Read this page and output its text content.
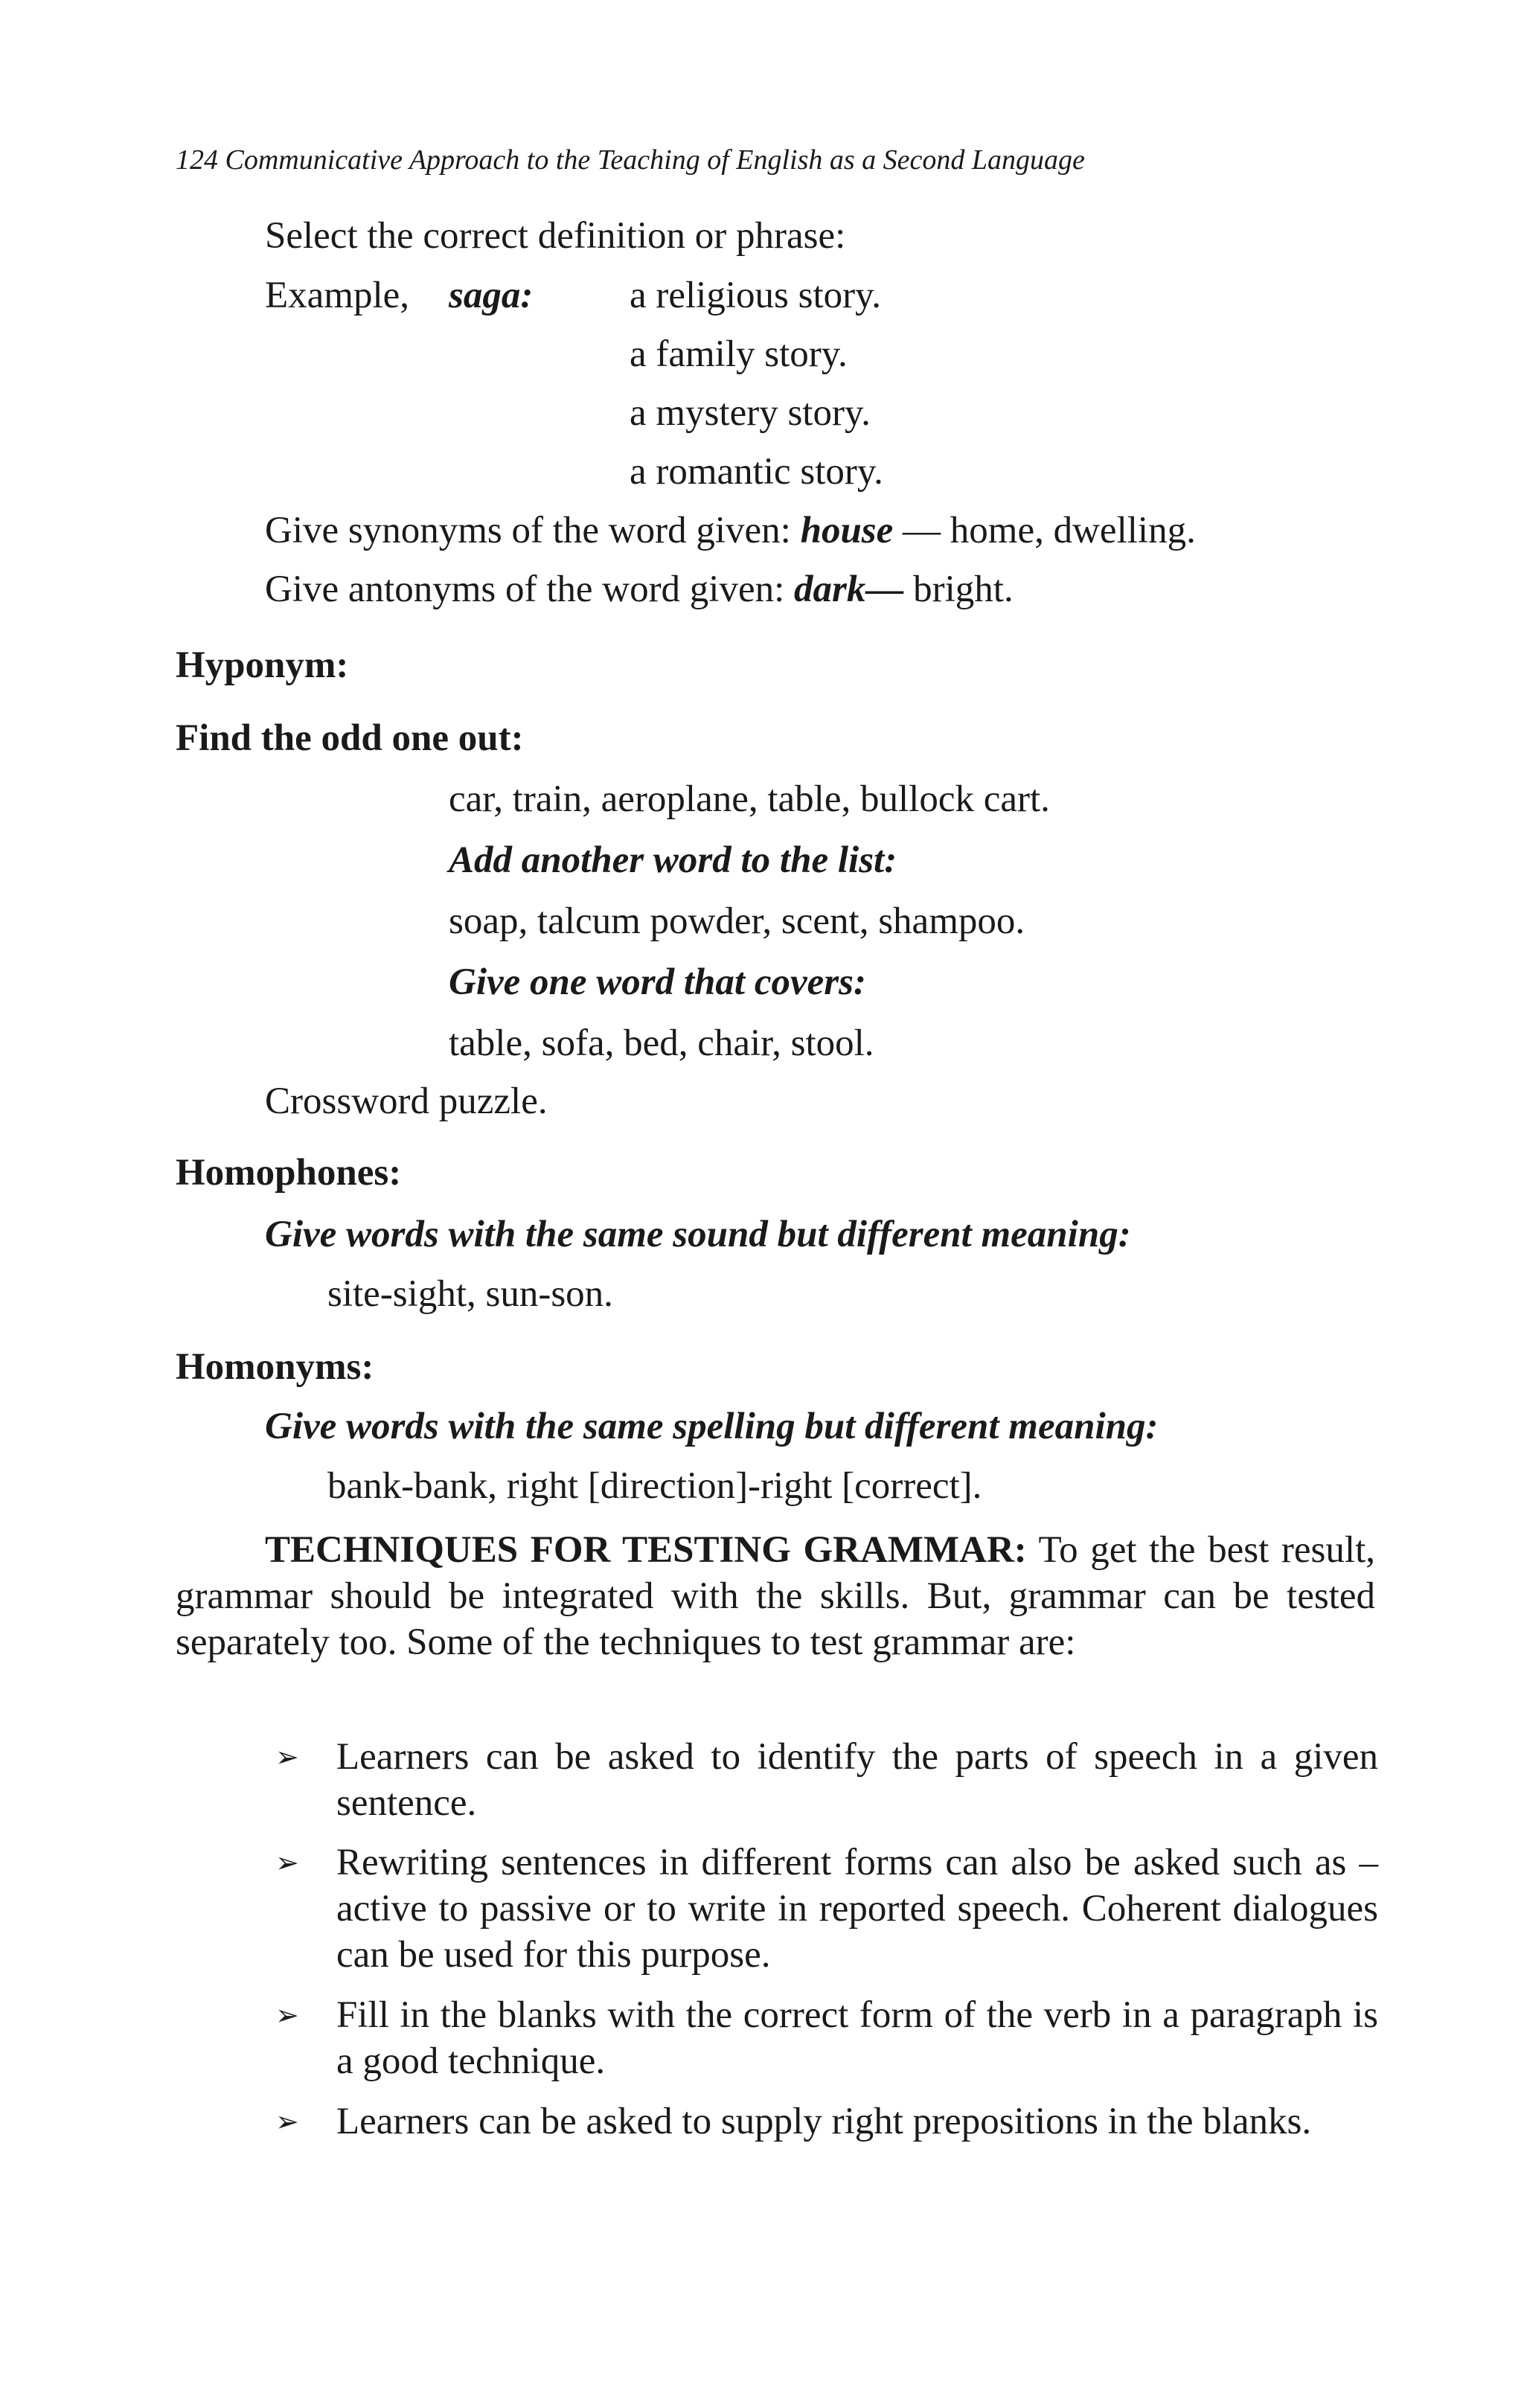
124 Communicative Approach to the Teaching of English as a Second Language
Select the correct definition or phrase:
Example, saga:	a religious story.
a family story.
a mystery story.
a romantic story.
Give synonyms of the word given: house — home, dwelling.
Give antonyms of the word given: dark— bright.
Hyponym:
Find the odd one out:
car, train, aeroplane, table, bullock cart.
Add another word to the list:
soap, talcum powder, scent, shampoo.
Give one word that covers:
table, sofa, bed, chair, stool.
Crossword puzzle.
Homophones:
Give words with the same sound but different meaning:
site-sight, sun-son.
Homonyms:
Give words with the same spelling but different meaning:
bank-bank, right [direction]-right [correct].
TECHNIQUES FOR TESTING GRAMMAR: To get the best result, grammar should be integrated with the skills. But, grammar can be tested separately too. Some of the techniques to test grammar are:
➢ Learners can be asked to identify the parts of speech in a given sentence.
➢ Rewriting sentences in different forms can also be asked such as – active to passive or to write in reported speech. Coherent dialogues can be used for this purpose.
➢ Fill in the blanks with the correct form of the verb in a paragraph is a good technique.
➢ Learners can be asked to supply right prepositions in the blanks.
